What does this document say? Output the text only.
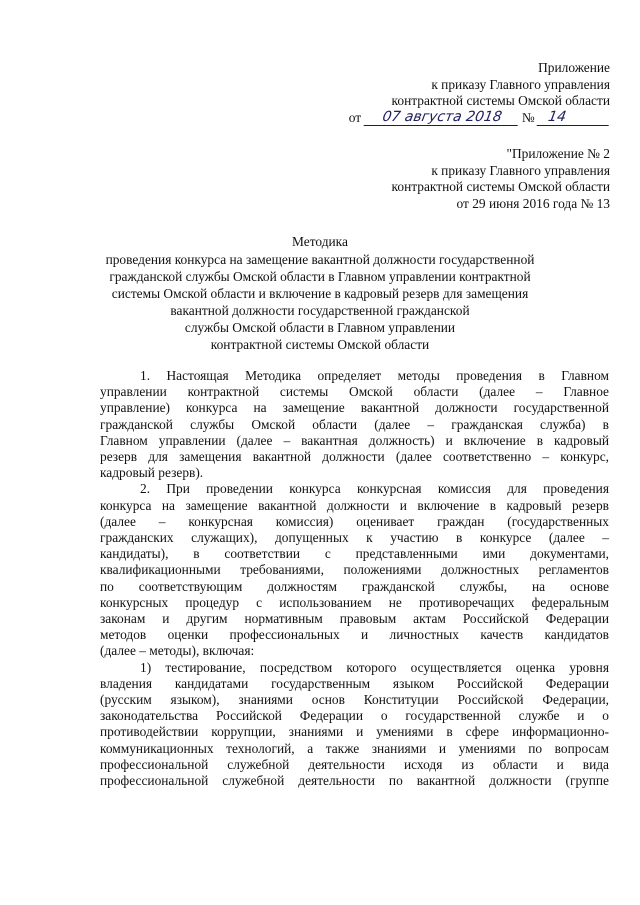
Приложение
к приказу Главного управления
контрактной системы Омской области
от 07 августа 2018 № 14
"Приложение № 2
к приказу Главного управления
контрактной системы Омской области
от 29 июня 2016 года № 13
Методика
проведения конкурса на замещение вакантной должности государственной
гражданской службы Омской области в Главном управлении контрактной
системы Омской области и включение в кадровый резерв для замещения
вакантной должности государственной гражданской
службы Омской области в Главном управлении
контрактной системы Омской области
1. Настоящая Методика определяет методы проведения в Главном
управлении контрактной системы Омской области (далее – Главное
управление) конкурса на замещение вакантной должности государственной
гражданской службы Омской области (далее – гражданская служба) в
Главном управлении (далее – вакантная должность) и включение в кадровый
резерв для замещения вакантной должности (далее соответственно – конкурс,
кадровый резерв).
2. При проведении конкурса конкурсная комиссия для проведения
конкурса на замещение вакантной должности и включение в кадровый резерв
(далее – конкурсная комиссия) оценивает граждан (государственных
гражданских служащих), допущенных к участию в конкурсе (далее –
кандидаты), в соответствии с представленными ими документами,
квалификационными требованиями, положениями должностных регламентов
по соответствующим должностям гражданской службы, на основе
конкурсных процедур с использованием не противоречащих федеральным
законам и другим нормативным правовым актам Российской Федерации
методов оценки профессиональных и личностных качеств кандидатов
(далее – методы), включая:
1) тестирование, посредством которого осуществляется оценка уровня
владения кандидатами государственным языком Российской Федерации
(русским языком), знаниями основ Конституции Российской Федерации,
законодательства Российской Федерации о государственной службе и о
противодействии коррупции, знаниями и умениями в сфере информационно-
коммуникационных технологий, а также знаниями и умениями по вопросам
профессиональной служебной деятельности исходя из области и вида
профессиональной служебной деятельности по вакантной должности (группе
